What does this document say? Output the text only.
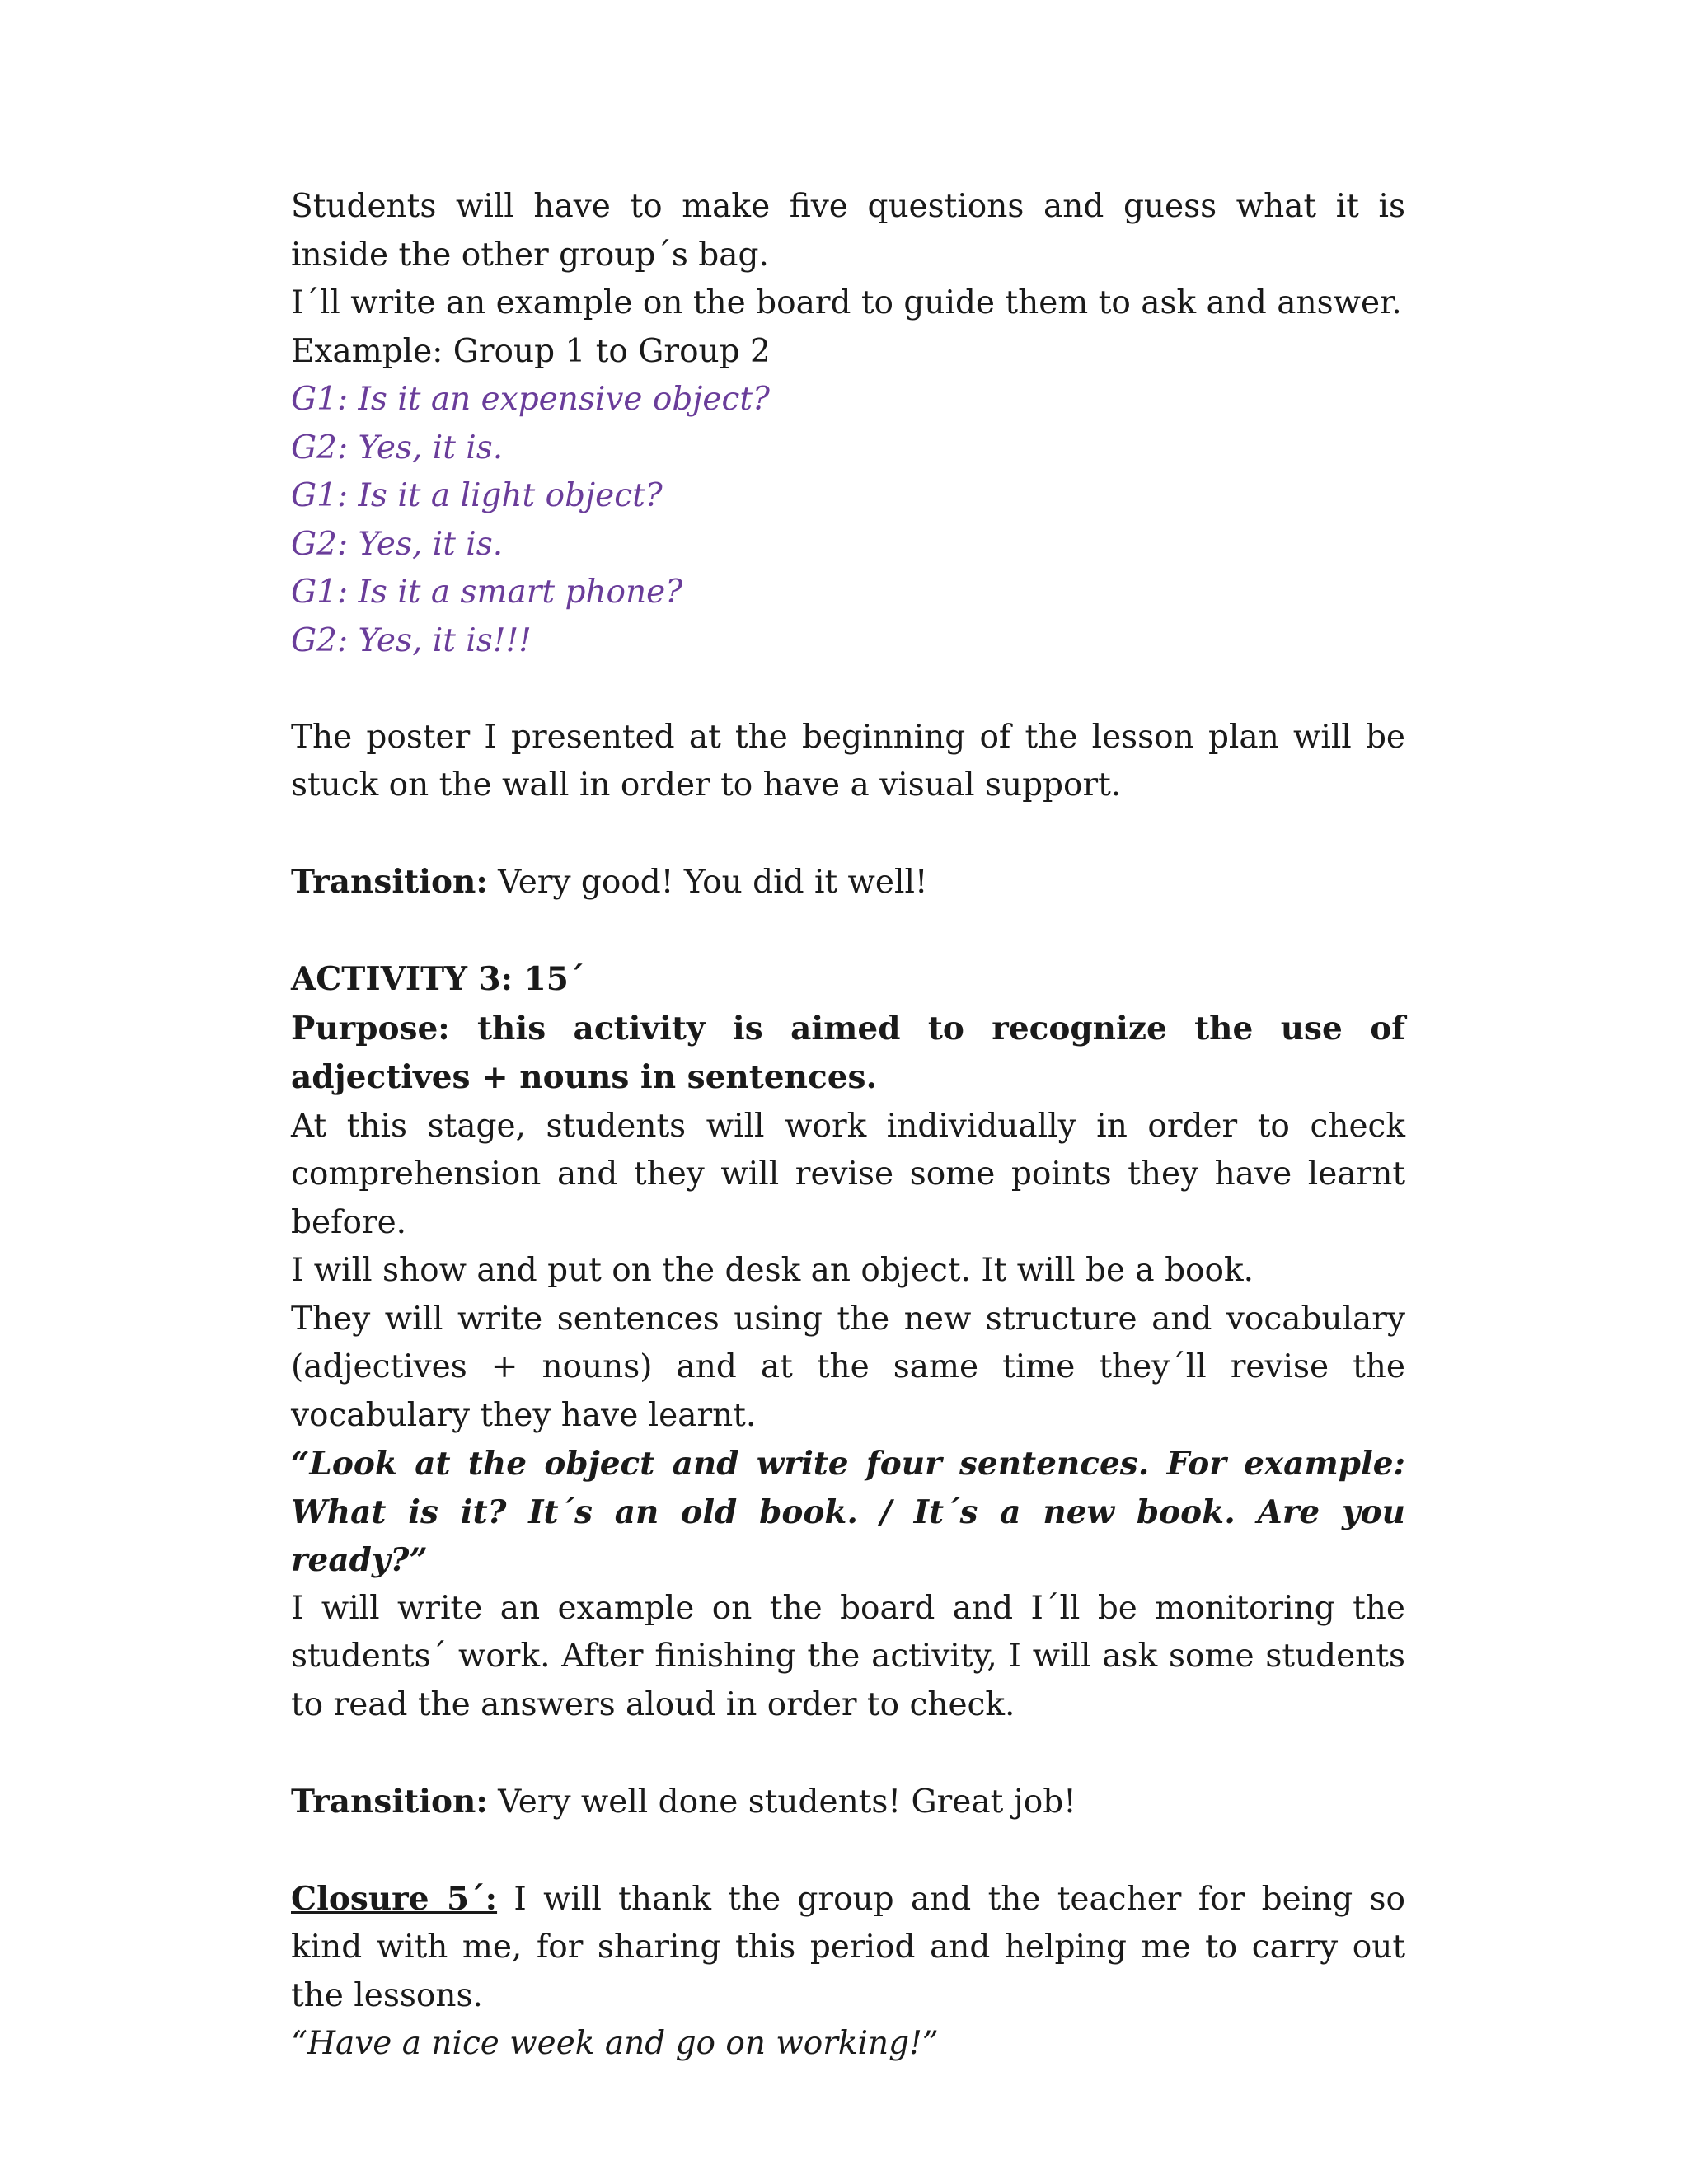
Students will have to make five questions and guess what it is inside the other group´s bag.
I´ll write an example on the board to guide them to ask and answer.
Example: Group 1 to Group 2
G1: Is it an expensive object?
G2: Yes, it is.
G1: Is it a light object?
G2: Yes, it is.
G1: Is it a smart phone?
G2: Yes, it is!!!
The poster I presented at the beginning of the lesson plan will be stuck on the wall in order to have a visual support.
Transition: Very good! You did it well!
ACTIVITY 3: 15´
Purpose: this activity is aimed to recognize the use of adjectives + nouns in sentences.
At this stage, students will work individually in order to check comprehension and they will revise some points they have learnt before.
I will show and put on the desk an object. It will be a book.
They will write sentences using the new structure and vocabulary (adjectives + nouns) and at the same time they´ll revise the vocabulary they have learnt.
“Look at the object and write four sentences. For example: What is it? It´s an old book. / It´s a new book. Are you ready?”
I will write an example on the board and I´ll be monitoring the students´ work. After finishing the activity, I will ask some students to read the answers aloud in order to check.
Transition: Very well done students! Great job!
Closure 5´: I will thank the group and the teacher for being so kind with me, for sharing this period and helping me to carry out the lessons.
“Have a nice week and go on working!”
